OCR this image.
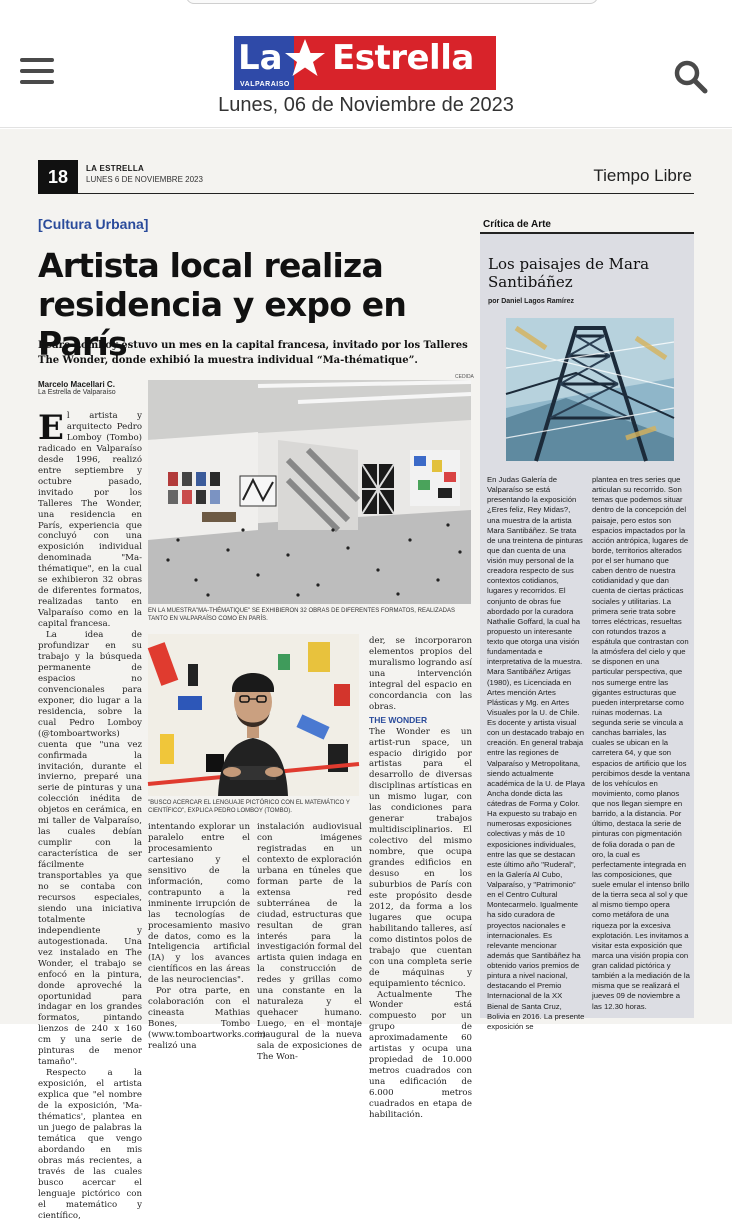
La Estrella
VALPARAISO
Lunes, 06 de Noviembre de 2023
18	LA ESTRELLA
LUNES 6 DE NOVIEMBRE 2023	Tiempo Libre
[Cultura Urbana]
Artista local realiza residencia y expo en París

Pedro Lomboy estuvo un mes en la capital francesa, invitado por los Talleres The Wonder, donde exhibió la muestra individual “Ma-thématique”.

Marcelo Macellari C.
La Estrella de Valparaíso
CEDIDA

EN LA MUESTRA"MA-THÉMATIQUE" SE EXHIBIERON 32 OBRAS DE DIFERENTES FORMATOS, REALIZADAS TANTO EN VALPARAÍSO COMO EN PARÍS.

E l artista y arquitecto Pedro Lomboy (Tombo) radicado en Valparaíso desde 1996, realizó entre septiembre y octubre pasado, invitado por los Talleres The Wonder, una residencia en París, experiencia que concluyó con una exposición individual denominada "Ma-thématique", en la cual se exhibieron 32 obras de diferentes formatos, realizadas tanto en Valparaíso como en la capital francesa.

La idea de profundizar en su trabajo y la búsqueda permanente de espacios no convencionales para exponer, dio lugar a la residencia, sobre la cual Pedro Lomboy (@tomboartworks) cuenta que "una vez confirmada la invitación, durante el invierno, preparé una serie de pinturas y una colección inédita de objetos en cerámica, en mi taller de Valparaíso, las cuales debían cumplir con la característica de ser fácilmente transportables ya que no se contaba con recursos especiales, siendo una iniciativa totalmente independiente y autogestionada. Una vez instalado en The Wonder, el trabajo se enfocó en la pintura, donde aproveché la oportunidad para indagar en los grandes formatos, pintando lienzos de 240 x 160 cm y una serie de pinturas de menor tamaño".

Respecto a la exposición, el artista explica que "el nombre de la exposición, 'Ma-thématics', plantea en un juego de palabras la temática que vengo abordando en mis obras más recientes, a través de las cuales busco acercar el lenguaje pictórico con el matemático y científico,

"BUSCO ACERCAR EL LENGUAJE PICTÓRICO CON EL MATEMÁTICO Y CIENTÍFICO", EXPLICA PEDRO LOMBOY (TOMBO).

intentando explorar un paralelo entre el procesamiento cartesiano y el sensitivo de la información, como contrapunto a la inminente irrupción de las tecnologías de procesamiento masivo de datos, como es la Inteligencia artificial (IA) y los avances científicos en las áreas de las neurociencias".

Por otra parte, en colaboración con el cineasta Mathias Bones, Tombo (www.tomboartworks.com) realizó una

instalación audiovisual con imágenes registradas en un contexto de exploración urbana en túneles que forman parte de la extensa red subterránea de la ciudad, estructuras que resultan de gran interés para la investigación formal del artista quien indaga en la construcción de redes y grillas como una constante en la naturaleza y el quehacer humano. Luego, en el montaje inaugural de la nueva sala de exposiciones de The Won-

der, se incorporaron elementos propios del muralismo logrando así una intervención integral del espacio en concordancia con las obras.

THE WONDER

The Wonder es un artist-run space, un espacio dirigido por artistas para el desarrollo de diversas disciplinas artísticas en un mismo lugar, con las condiciones para generar trabajos multidisciplinarios. El colectivo del mismo nombre, que ocupa grandes edificios en desuso en los suburbios de París con este propósito desde 2012, da forma a los lugares que ocupa habilitando talleres, así como distintos polos de trabajo que cuentan con una completa serie de máquinas y equipamiento técnico.

Actualmente The Wonder está compuesto por un grupo de aproximadamente 60 artistas y ocupa una propiedad de 10.000 metros cuadrados con una edificación de 6.000 metros cuadrados en etapa de habilitación.

Crítica de Arte
Los paisajes de Mara Santibáñez
por Daniel Lagos Ramírez
En Judas Galería de Valparaíso se está presentando la exposición ¿Eres feliz, Rey Midas?, una muestra de la artista Mara Santibáñez. Se trata de una treintena de pinturas que dan cuenta de una visión muy personal de la creadora respecto de sus contextos cotidianos, lugares y recorridos. El conjunto de obras fue abordado por la curadora Nathalie Goffard, la cual ha propuesto un interesante texto que otorga una visión fundamentada e interpretativa de la muestra. Mara Santibáñez Artigas (1980), es Licenciada en Artes mención Artes Plásticas y Mg. en Artes Visuales por la U. de Chile. Es docente y artista visual con un destacado trabajo en creación. En general trabaja entre las regiones de Valparaíso y Metropolitana, siendo actualmente académica de la U. de Playa Ancha donde dicta las cátedras de Forma y Color. Ha expuesto su trabajo en numerosas exposiciones colectivas y más de 10 exposiciones individuales, entre las que se destacan este último año "Ruderal", en la Galería Al Cubo, Valparaíso, y "Patrimonio" en el Centro Cultural Montecarmelo. Igualmente ha sido curadora de proyectos nacionales e internacionales. Es relevante mencionar además que Santibáñez ha obtenido varios premios de pintura a nivel nacional, destacando el Premio Internacional de la XX Bienal de Santa Cruz, Bolivia en 2016. La presente exposición se
plantea en tres series que articulan su recorrido. Son temas que podemos situar dentro de la concepción del paisaje, pero estos son espacios impactados por la acción antrópica, lugares de borde, territorios alterados por el ser humano que caben dentro de nuestra cotidianidad y que dan cuenta de ciertas prácticas sociales y utilitarias. La primera serie trata sobre torres eléctricas, resueltas con rotundos trazos a espátula que contrastan con la atmósfera del cielo y que se disponen en una particular perspectiva, que nos sumerge entre las gigantes estructuras que pueden interpretarse como ruinas modernas. La segunda serie se vincula a canchas barriales, las cuales se ubican en la carretera 64, y que son espacios de artificio que los percibimos desde la ventana de los vehículos en movimiento, como planos que nos llegan siempre en barrido, a la distancia. Por último, destaca la serie de pinturas con pigmentación de folia dorada o pan de oro, la cual es perfectamente integrada en las composiciones, que suele emular el intenso brillo de la tierra seca al sol y que al mismo tiempo opera como metáfora de una riqueza por la excesiva explotación. Les invitamos a visitar esta exposición que marca una visión propia con gran calidad pictórica y también a la mediación de la misma que se realizará el jueves 09 de noviembre a las 12.30 horas.
